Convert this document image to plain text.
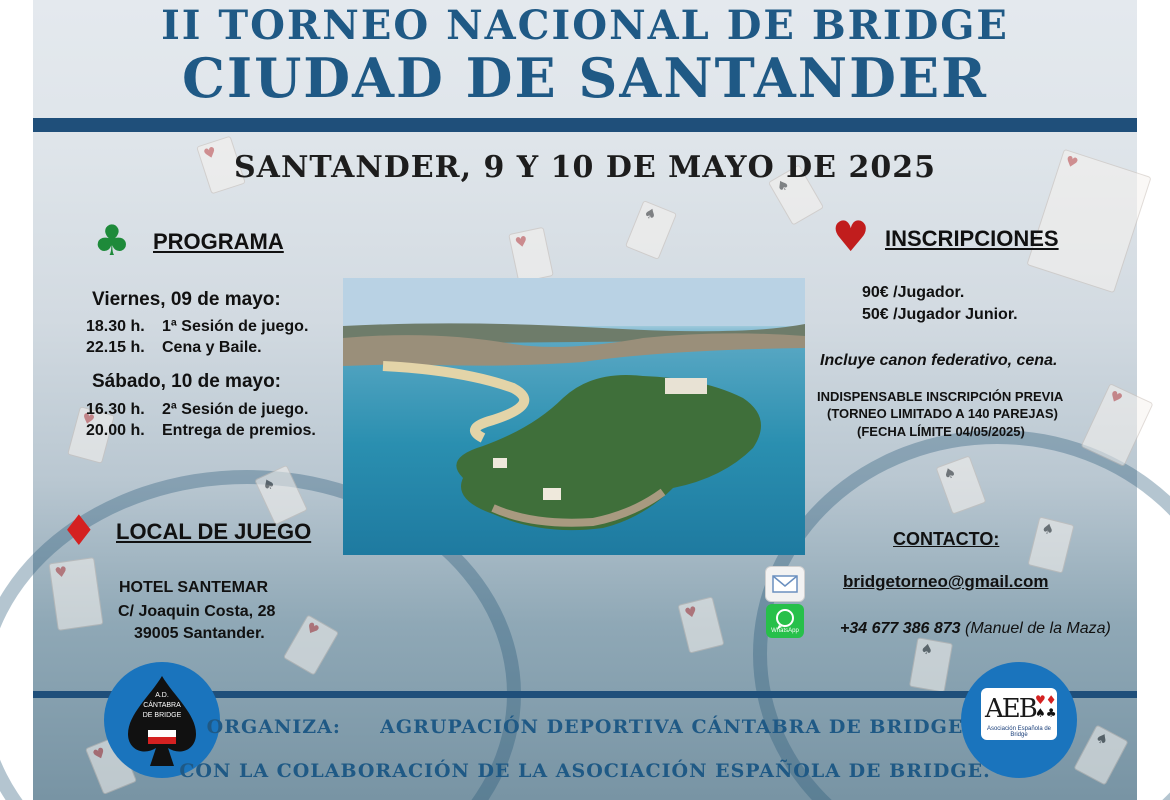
♥
♠
♥
♠
♥
♥
♠
♥
♠
♥
♠
♥
♥
♠
♥
♠
II TORNEO NACIONAL DE BRIDGE
CIUDAD DE SANTANDER
SANTANDER, 9 Y 10 DE MAYO DE 2025
♣ PROGRAMA
Viernes, 09 de mayo:
18.30 h. 1ª Sesión de juego.
22.15 h. Cena y Baile.
Sábado, 10 de mayo:
16.30 h. 2ª Sesión de juego.
20.00 h. Entrega de premios.
♦ LOCAL DE JUEGO
HOTEL SANTEMAR
C/ Joaquin Costa, 28
39005 Santander.
♥ INSCRIPCIONES
90€ /Jugador.
50€ /Jugador Junior.
Incluye canon federativo, cena.
INDISPENSABLE INSCRIPCIÓN PREVIA
(TORNEO LIMITADO A 140 PAREJAS)
(FECHA LÍMITE 04/05/2025)
CONTACTO:
bridgetorneo@gmail.com
WhatsApp	+34 677 386 873 (Manuel de la Maza)
A.D.
CÁNTABRA
DE BRIDGE	AEB ♥♦
♠♣
Asociación Española de Bridge
ORGANIZA: AGRUPACIÓN DEPORTIVA CÁNTABRA DE BRIDGE
CON LA COLABORACIÓN DE LA ASOCIACIÓN ESPAÑOLA DE BRIDGE.
